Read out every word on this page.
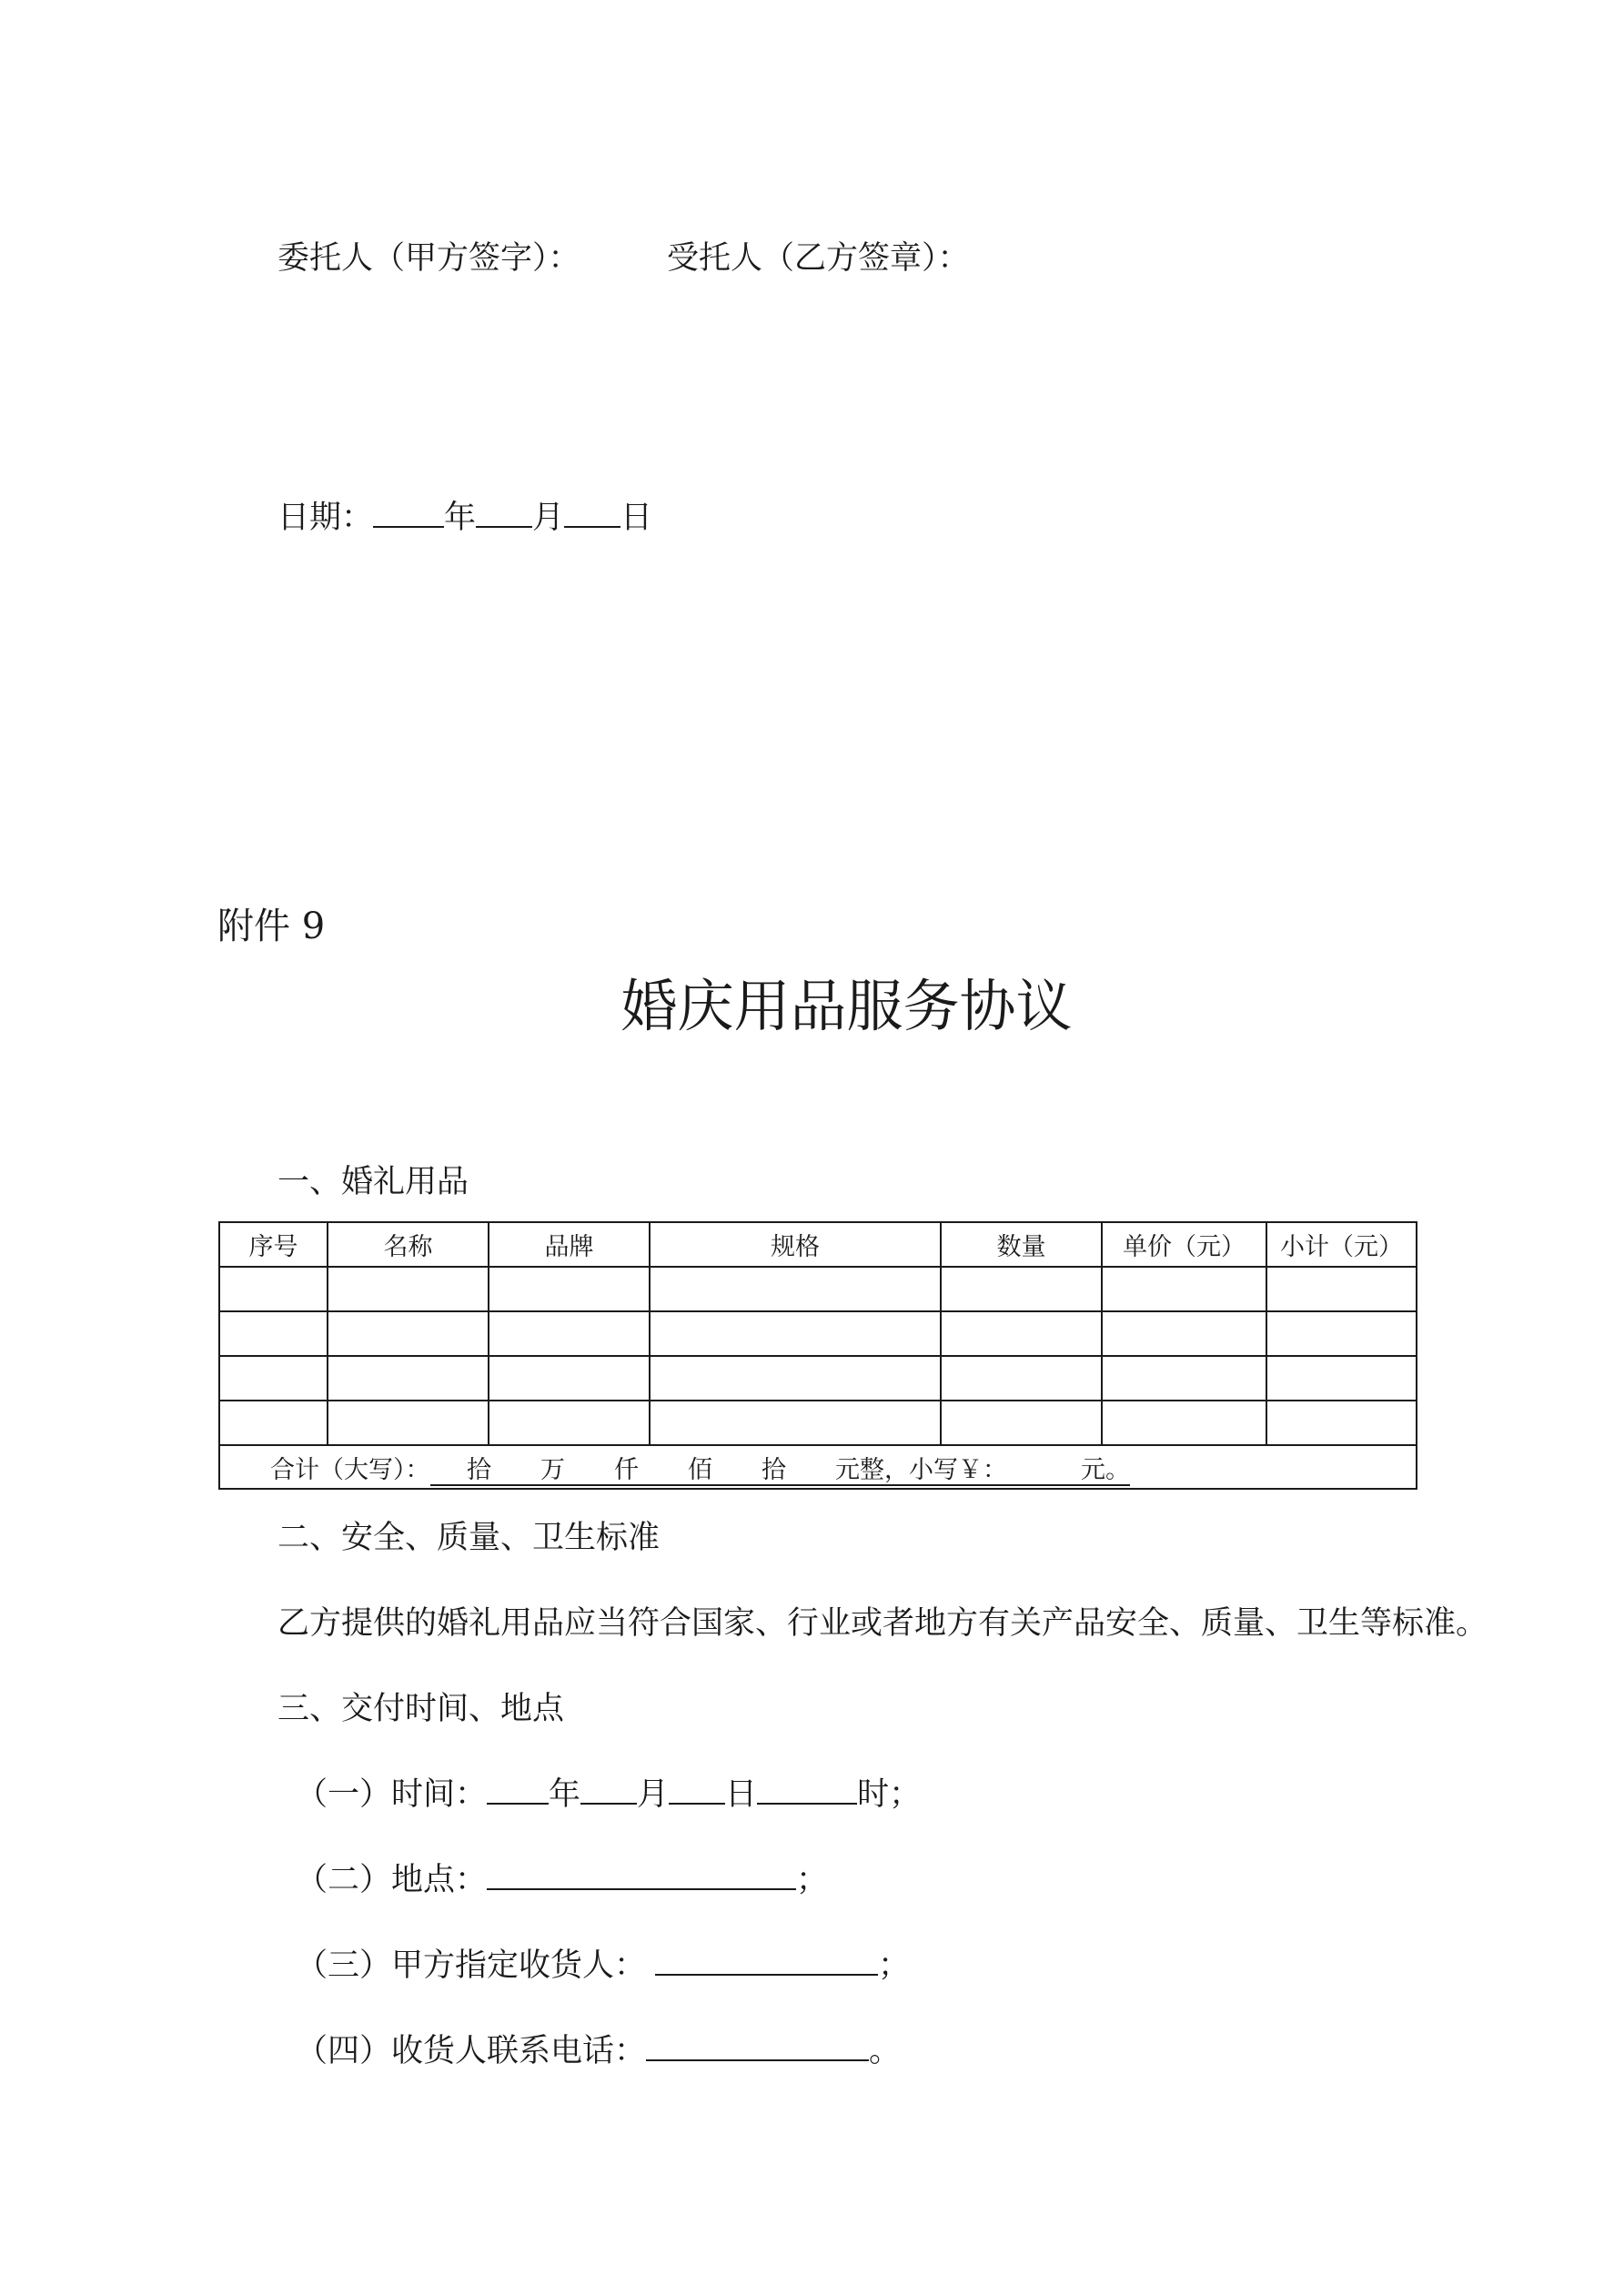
委托人（甲方签字）：	受托人（乙方签章）：
日期： 年 月 日
附件 9
婚庆用品服务协议
一、婚礼用品
序号	名称	品牌	规格	数量	单价（元）	小计（元）

合计（大写）：   拾    万    仟    佰    拾    元整，小写￥：    元。						
二、安全、质量、卫生标准
乙方提供的婚礼用品应当符合国家、行业或者地方有关产品安全、质量、卫生等标准。
三、交付时间、地点
（一）时间： 年 月 日	时；
（二）地点：	；
（三）甲方指定收货人：	；
（四）收货人联系电话：	。
